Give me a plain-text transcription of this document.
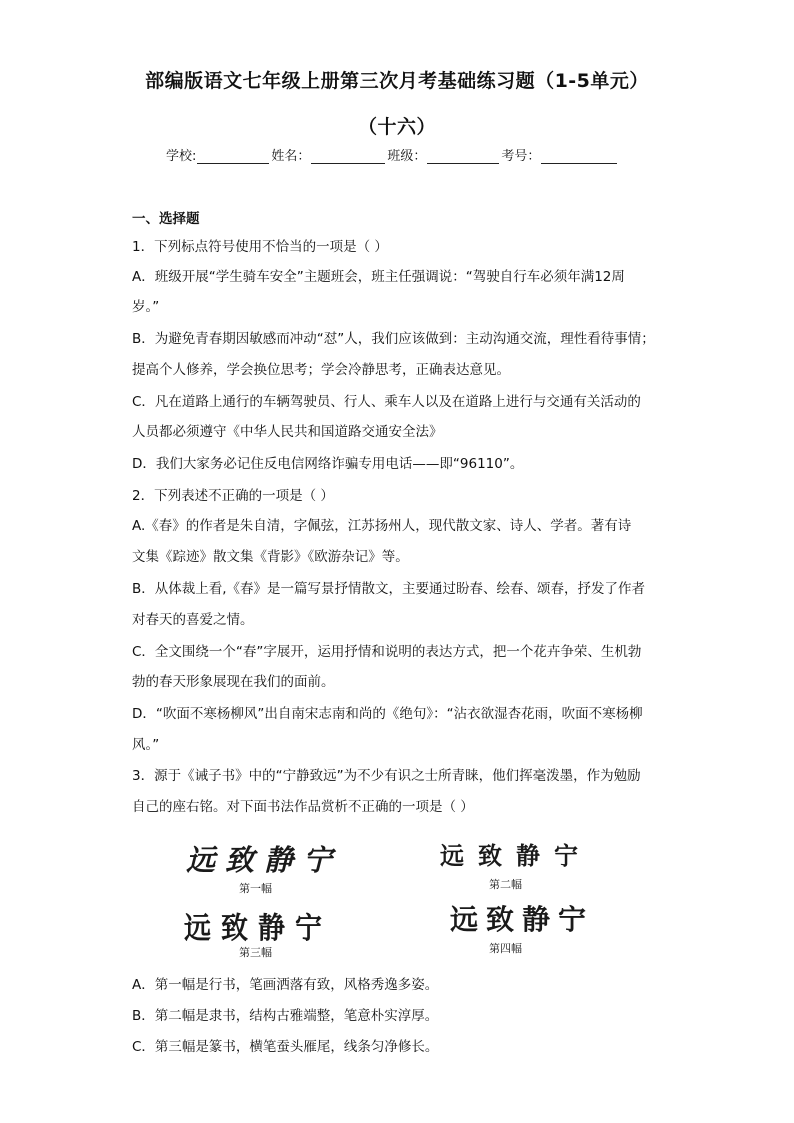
部编版语文七年级上册第三次月考基础练习题（1-5单元）
（十六）
学校:	姓名：	班级：	考号：
一、选择题
1．下列标点符号使用不恰当的一项是（ ）
A．班级开展“学生骑车安全”主题班会，班主任强调说：“驾驶自行车必须年满12周
岁。”
B．为避免青春期因敏感而冲动“怼”人，我们应该做到：主动沟通交流，理性看待事情；
提高个人修养，学会换位思考；学会冷静思考，正确表达意见。
C．凡在道路上通行的车辆驾驶员、行人、乘车人以及在道路上进行与交通有关活动的
人员都必须遵守《中华人民共和国道路交通安全法》
D．我们大家务必记住反电信网络诈骗专用电话——即“96110”。
2．下列表述不正确的一项是（ ）
A.《春》的作者是朱自清，字佩弦，江苏扬州人，现代散文家、诗人、学者。著有诗
文集《踪迹》散文集《背影》《欧游杂记》等。
B．从体裁上看,《春》是一篇写景抒情散文，主要通过盼春、绘春、颂春，抒发了作者
对春天的喜爱之情。
C．全文围绕一个“春”字展开，运用抒情和说明的表达方式，把一个花卉争荣、生机勃
勃的春天形象展现在我们的面前。
D．“吹面不寒杨柳风”出自南宋志南和尚的《绝句》：“沾衣欲湿杏花雨，吹面不寒杨柳
风。”
3．源于《诫子书》中的“宁静致远”为不少有识之士所青睐，他们挥毫泼墨，作为勉励
自己的座右铭。对下面书法作品赏析不正确的一项是（ ）
远致静宁
第一幅
远致静宁
第二幅
远致静宁
第三幅
远致静宁
第四幅
A．第一幅是行书，笔画洒落有致，风格秀逸多姿。
B．第二幅是隶书，结构古雅端整，笔意朴实淳厚。
C．第三幅是篆书，横笔蚕头雁尾，线条匀净修长。
